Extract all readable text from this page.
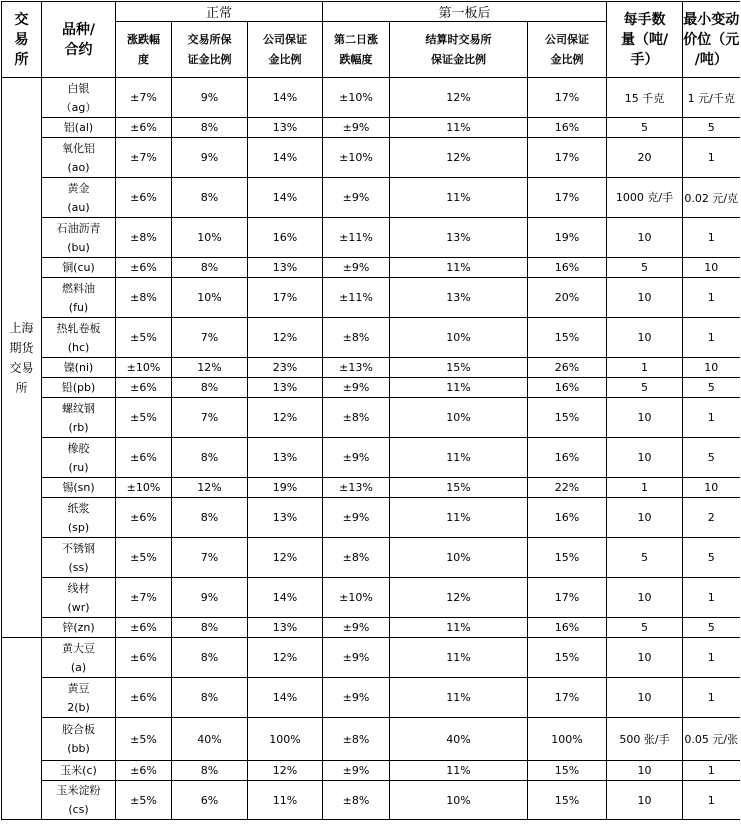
交
易
所	品种/
合约	正常			第一板后			每手数
量（吨/
手）	最小变动
价位（元
/吨）

		涨跌幅
度	交易所保
证金比例	公司保证
金比例	第二日涨
跌幅度	结算时交易所
保证金比例	公司保证
金比例		

上海
期货
交易
所	白银
（ag）	±7%	9%	14%	±10%	12%	17%	15 千克	1 元/千克

	铝(al)	±6%	8%	13%	±9%	11%	16%	5	5

	氧化铝
(ao)	±7%	9%	14%	±10%	12%	17%	20	1

	黄金
(au)	±6%	8%	14%	±9%	11%	17%	1000 克/手	0.02 元/克

	石油沥青
(bu)	±8%	10%	16%	±11%	13%	19%	10	1

	铜(cu)	±6%	8%	13%	±9%	11%	16%	5	10

	燃料油
(fu)	±8%	10%	17%	±11%	13%	20%	10	1

	热轧卷板
(hc)	±5%	7%	12%	±8%	10%	15%	10	1

	镍(ni)	±10%	12%	23%	±13%	15%	26%	1	10

	铅(pb)	±6%	8%	13%	±9%	11%	16%	5	5

	螺纹钢
(rb)	±5%	7%	12%	±8%	10%	15%	10	1

	橡胶
(ru)	±6%	8%	13%	±9%	11%	16%	10	5

	锡(sn)	±10%	12%	19%	±13%	15%	22%	1	10

	纸浆
(sp)	±6%	8%	13%	±9%	11%	16%	10	2

	不锈钢
(ss)	±5%	7%	12%	±8%	10%	15%	5	5

	线材
(wr)	±7%	9%	14%	±10%	12%	17%	10	1

	锌(zn)	±6%	8%	13%	±9%	11%	16%	5	5

	黄大豆
(a)	±6%	8%	12%	±9%	11%	15%	10	1

	黄豆
2(b)	±6%	8%	14%	±9%	11%	17%	10	1

	胶合板
(bb)	±5%	40%	100%	±8%	40%	100%	500 张/手	0.05 元/张

	玉米(c)	±6%	8%	12%	±9%	11%	15%	10	1

	玉米淀粉
(cs)	±5%	6%	11%	±8%	10%	15%	10	1
